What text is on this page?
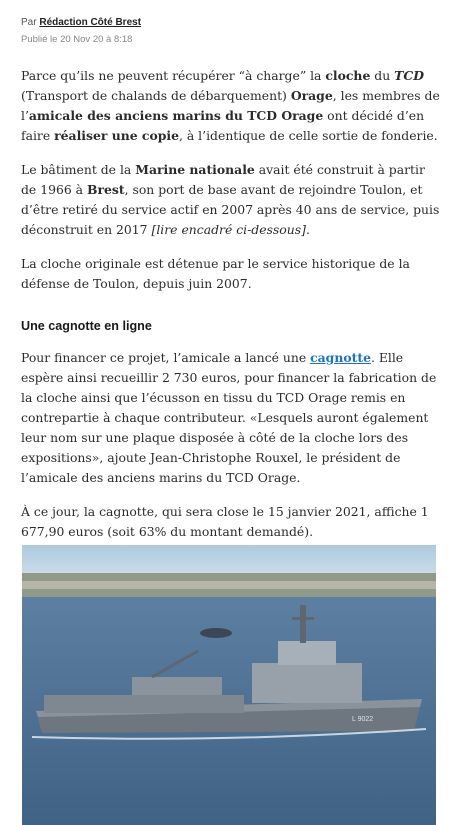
Par Rédaction Côté Brest
Publié le 20 Nov 20 à 8:18

Parce qu’ils ne peuvent récupérer “à charge” la cloche du TCD (Transport de chalands de débarquement) Orage, les membres de l’amicale des anciens marins du TCD Orage ont décidé d’en faire réaliser une copie, à l’identique de celle sortie de fonderie.

Le bâtiment de la Marine nationale avait été construit à partir de 1966 à Brest, son port de base avant de rejoindre Toulon, et d’être retiré du service actif en 2007 après 40 ans de service, puis déconstruit en 2017 [lire encadré ci-dessous].

La cloche originale est détenue par le service historique de la défense de Toulon, depuis juin 2007.

Une cagnotte en ligne

Pour financer ce projet, l’amicale a lancé une cagnotte. Elle espère ainsi recueillir 2 730 euros, pour financer la fabrication de la cloche ainsi que l’écusson en tissu du TCD Orage remis en contrepartie à chaque contributeur. «Lesquels auront également leur nom sur une plaque disposée à côté de la cloche lors des expositions», ajoute Jean-Christophe Rouxel, le président de l’amicale des anciens marins du TCD Orage.

À ce jour, la cagnotte, qui sera close le 15 janvier 2021, affiche 1 677,90 euros (soit 63% du montant demandé).

L 9022
